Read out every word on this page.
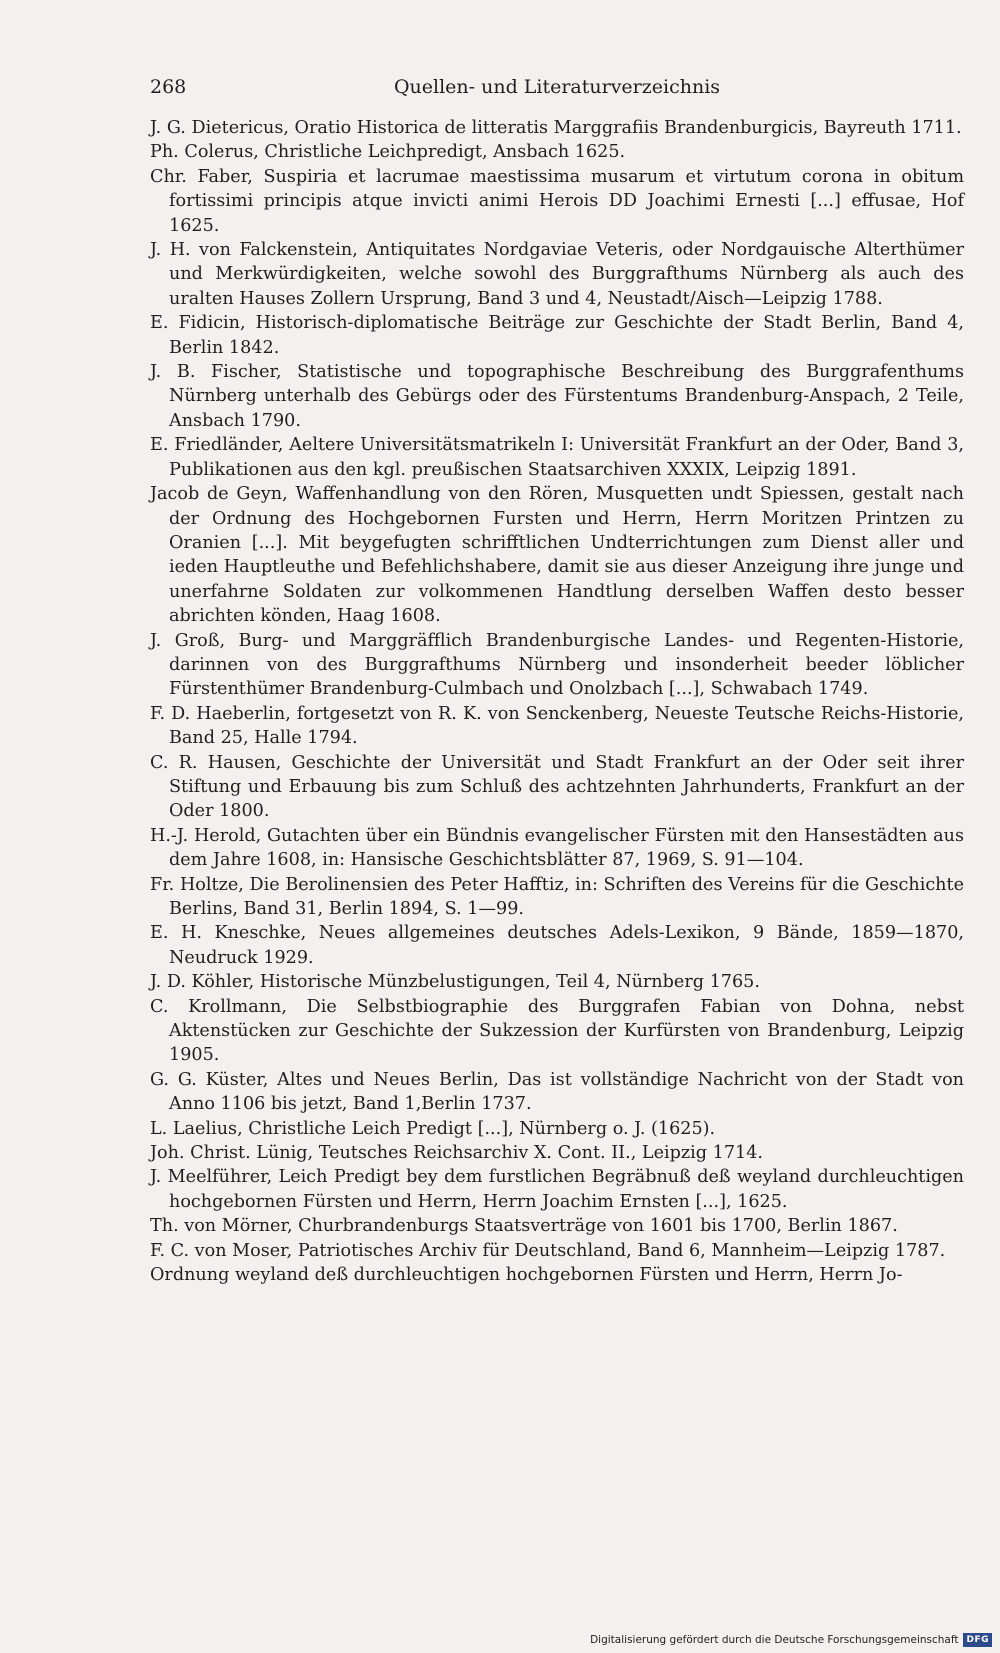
268	Quellen- und Literaturverzeichnis

J. G. Dietericus, Oratio Historica de litteratis Marggrafiis Brandenburgicis, Bayreuth 1711.

Ph. Colerus, Christliche Leichpredigt, Ansbach 1625.

Chr. Faber, Suspiria et lacrumae maestissima musarum et virtutum corona in obitum fortissimi principis atque invicti animi Herois DD Joachimi Ernesti [...] effusae, Hof 1625.

J. H. von Falckenstein, Antiquitates Nordgaviae Veteris, oder Nordgauische Alterthümer und Merkwürdigkeiten, welche sowohl des Burggrafthums Nürnberg als auch des uralten Hauses Zollern Ursprung, Band 3 und 4, Neustadt/Aisch—Leipzig 1788.

E. Fidicin, Historisch-diplomatische Beiträge zur Geschichte der Stadt Berlin, Band 4, Berlin 1842.

J. B. Fischer, Statistische und topographische Beschreibung des Burggrafenthums Nürnberg unterhalb des Gebürgs oder des Fürstentums Brandenburg-Anspach, 2 Teile, Ansbach 1790.

E. Friedländer, Aeltere Universitätsmatrikeln I: Universität Frankfurt an der Oder, Band 3, Publikationen aus den kgl. preußischen Staatsarchiven XXXIX, Leipzig 1891.

Jacob de Geyn, Waffenhandlung von den Rören, Musquetten undt Spiessen, gestalt nach der Ordnung des Hochgebornen Fursten und Herrn, Herrn Moritzen Printzen zu Oranien [...]. Mit beygefugten schrifftlichen Undterrichtungen zum Dienst aller und ieden Hauptleuthe und Befehlichshabere, damit sie aus dieser Anzeigung ihre junge und unerfahrne Soldaten zur volkommenen Handtlung derselben Waffen desto besser abrichten könden, Haag 1608.

J. Groß, Burg- und Marggräfflich Brandenburgische Landes- und Regenten-Historie, darinnen von des Burggrafthums Nürnberg und insonderheit beeder löblicher Fürstenthümer Brandenburg-Culmbach und Onolzbach [...], Schwabach 1749.

F. D. Haeberlin, fortgesetzt von R. K. von Senckenberg, Neueste Teutsche Reichs-Historie, Band 25, Halle 1794.

C. R. Hausen, Geschichte der Universität und Stadt Frankfurt an der Oder seit ihrer Stiftung und Erbauung bis zum Schluß des achtzehnten Jahrhunderts, Frankfurt an der Oder 1800.

H.-J. Herold, Gutachten über ein Bündnis evangelischer Fürsten mit den Hansestädten aus dem Jahre 1608, in: Hansische Geschichtsblätter 87, 1969, S. 91—104.

Fr. Holtze, Die Berolinensien des Peter Hafftiz, in: Schriften des Vereins für die Geschichte Berlins, Band 31, Berlin 1894, S. 1—99.

E. H. Kneschke, Neues allgemeines deutsches Adels-Lexikon, 9 Bände, 1859—1870, Neudruck 1929.

J. D. Köhler, Historische Münzbelustigungen, Teil 4, Nürnberg 1765.

C. Krollmann, Die Selbstbiographie des Burggrafen Fabian von Dohna, nebst Aktenstücken zur Geschichte der Sukzession der Kurfürsten von Brandenburg, Leipzig 1905.

G. G. Küster, Altes und Neues Berlin, Das ist vollständige Nachricht von der Stadt von Anno 1106 bis jetzt, Band 1,Berlin 1737.

L. Laelius, Christliche Leich Predigt [...], Nürnberg o. J. (1625).

Joh. Christ. Lünig, Teutsches Reichsarchiv X. Cont. II., Leipzig 1714.

J. Meelführer, Leich Predigt bey dem furstlichen Begräbnuß deß weyland durchleuchtigen hochgebornen Fürsten und Herrn, Herrn Joachim Ernsten [...], 1625.

Th. von Mörner, Churbrandenburgs Staatsverträge von 1601 bis 1700, Berlin 1867.

F. C. von Moser, Patriotisches Archiv für Deutschland, Band 6, Mannheim—Leipzig 1787.

Ordnung weyland deß durchleuchtigen hochgebornen Fürsten und Herrn, Herrn Jo-

Digitalisierung gefördert durch die Deutsche Forschungsgemeinschaft DFG
